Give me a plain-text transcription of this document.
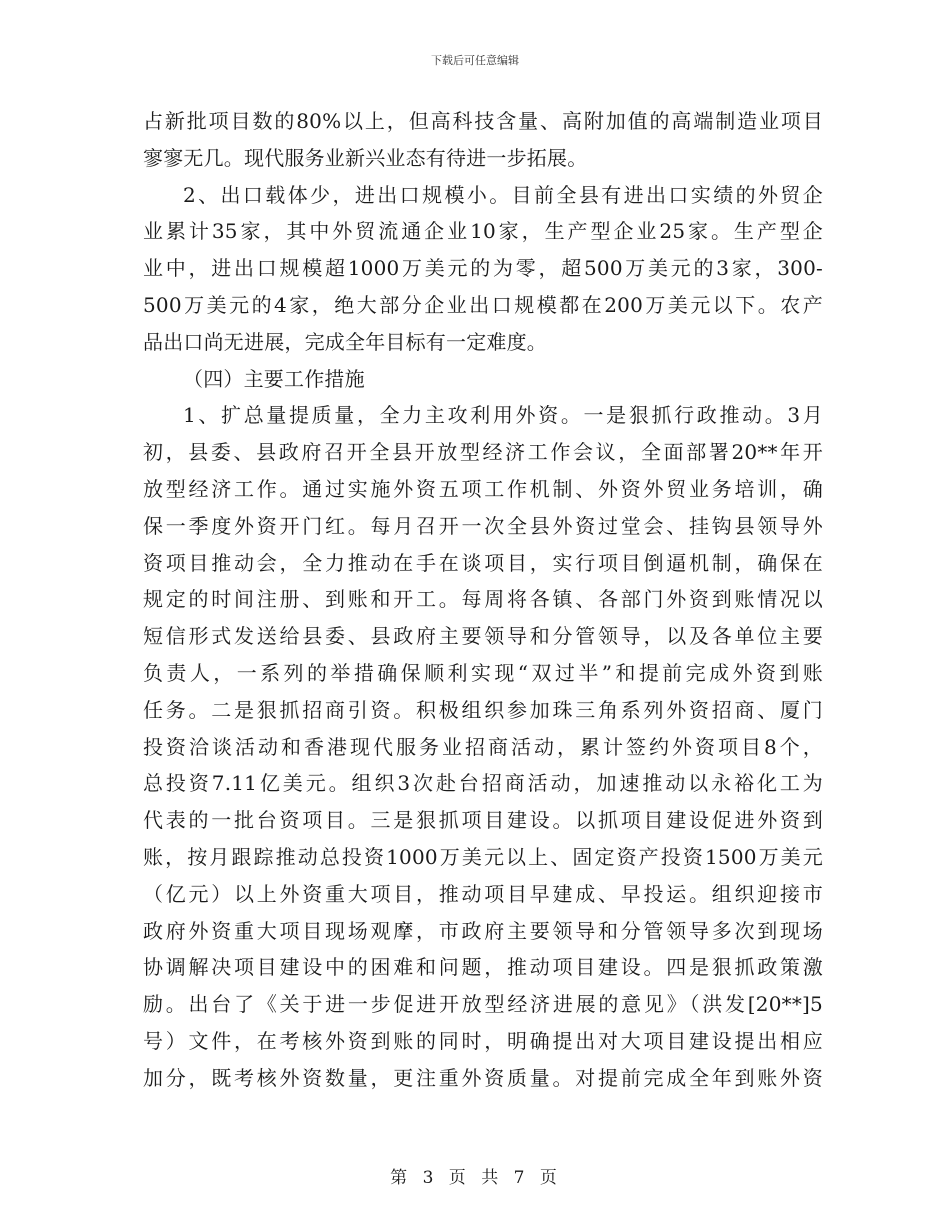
下载后可任意编辑
占新批项目数的80%以上，但高科技含量、高附加值的高端制造业项目
寥寥无几。现代服务业新兴业态有待进一步拓展。
2、出口载体少，进出口规模小。目前全县有进出口实绩的外贸企
业累计35家，其中外贸流通企业10家，生产型企业25家。生产型企
业中，进出口规模超1000万美元的为零，超500万美元的3家，300-
500万美元的4家，绝大部分企业出口规模都在200万美元以下。农产
品出口尚无进展，完成全年目标有一定难度。
（四）主要工作措施
1、扩总量提质量，全力主攻利用外资。一是狠抓行政推动。3月
初，县委、县政府召开全县开放型经济工作会议，全面部署20**年开
放型经济工作。通过实施外资五项工作机制、外资外贸业务培训，确
保一季度外资开门红。每月召开一次全县外资过堂会、挂钩县领导外
资项目推动会，全力推动在手在谈项目，实行项目倒逼机制，确保在
规定的时间注册、到账和开工。每周将各镇、各部门外资到账情况以
短信形式发送给县委、县政府主要领导和分管领导，以及各单位主要
负责人，一系列的举措确保顺利实现“双过半”和提前完成外资到账
任务。二是狠抓招商引资。积极组织参加珠三角系列外资招商、厦门
投资洽谈活动和香港现代服务业招商活动，累计签约外资项目8个，
总投资7.11亿美元。组织3次赴台招商活动，加速推动以永裕化工为
代表的一批台资项目。三是狠抓项目建设。以抓项目建设促进外资到
账，按月跟踪推动总投资1000万美元以上、固定资产投资1500万美元
（亿元）以上外资重大项目，推动项目早建成、早投运。组织迎接市
政府外资重大项目现场观摩，市政府主要领导和分管领导多次到现场
协调解决项目建设中的困难和问题，推动项目建设。四是狠抓政策激
励。出台了《关于进一步促进开放型经济进展的意见》（洪发[20**]5
号）文件，在考核外资到账的同时，明确提出对大项目建设提出相应
加分，既考核外资数量，更注重外资质量。对提前完成全年到账外资
第 3 页 共 7 页
